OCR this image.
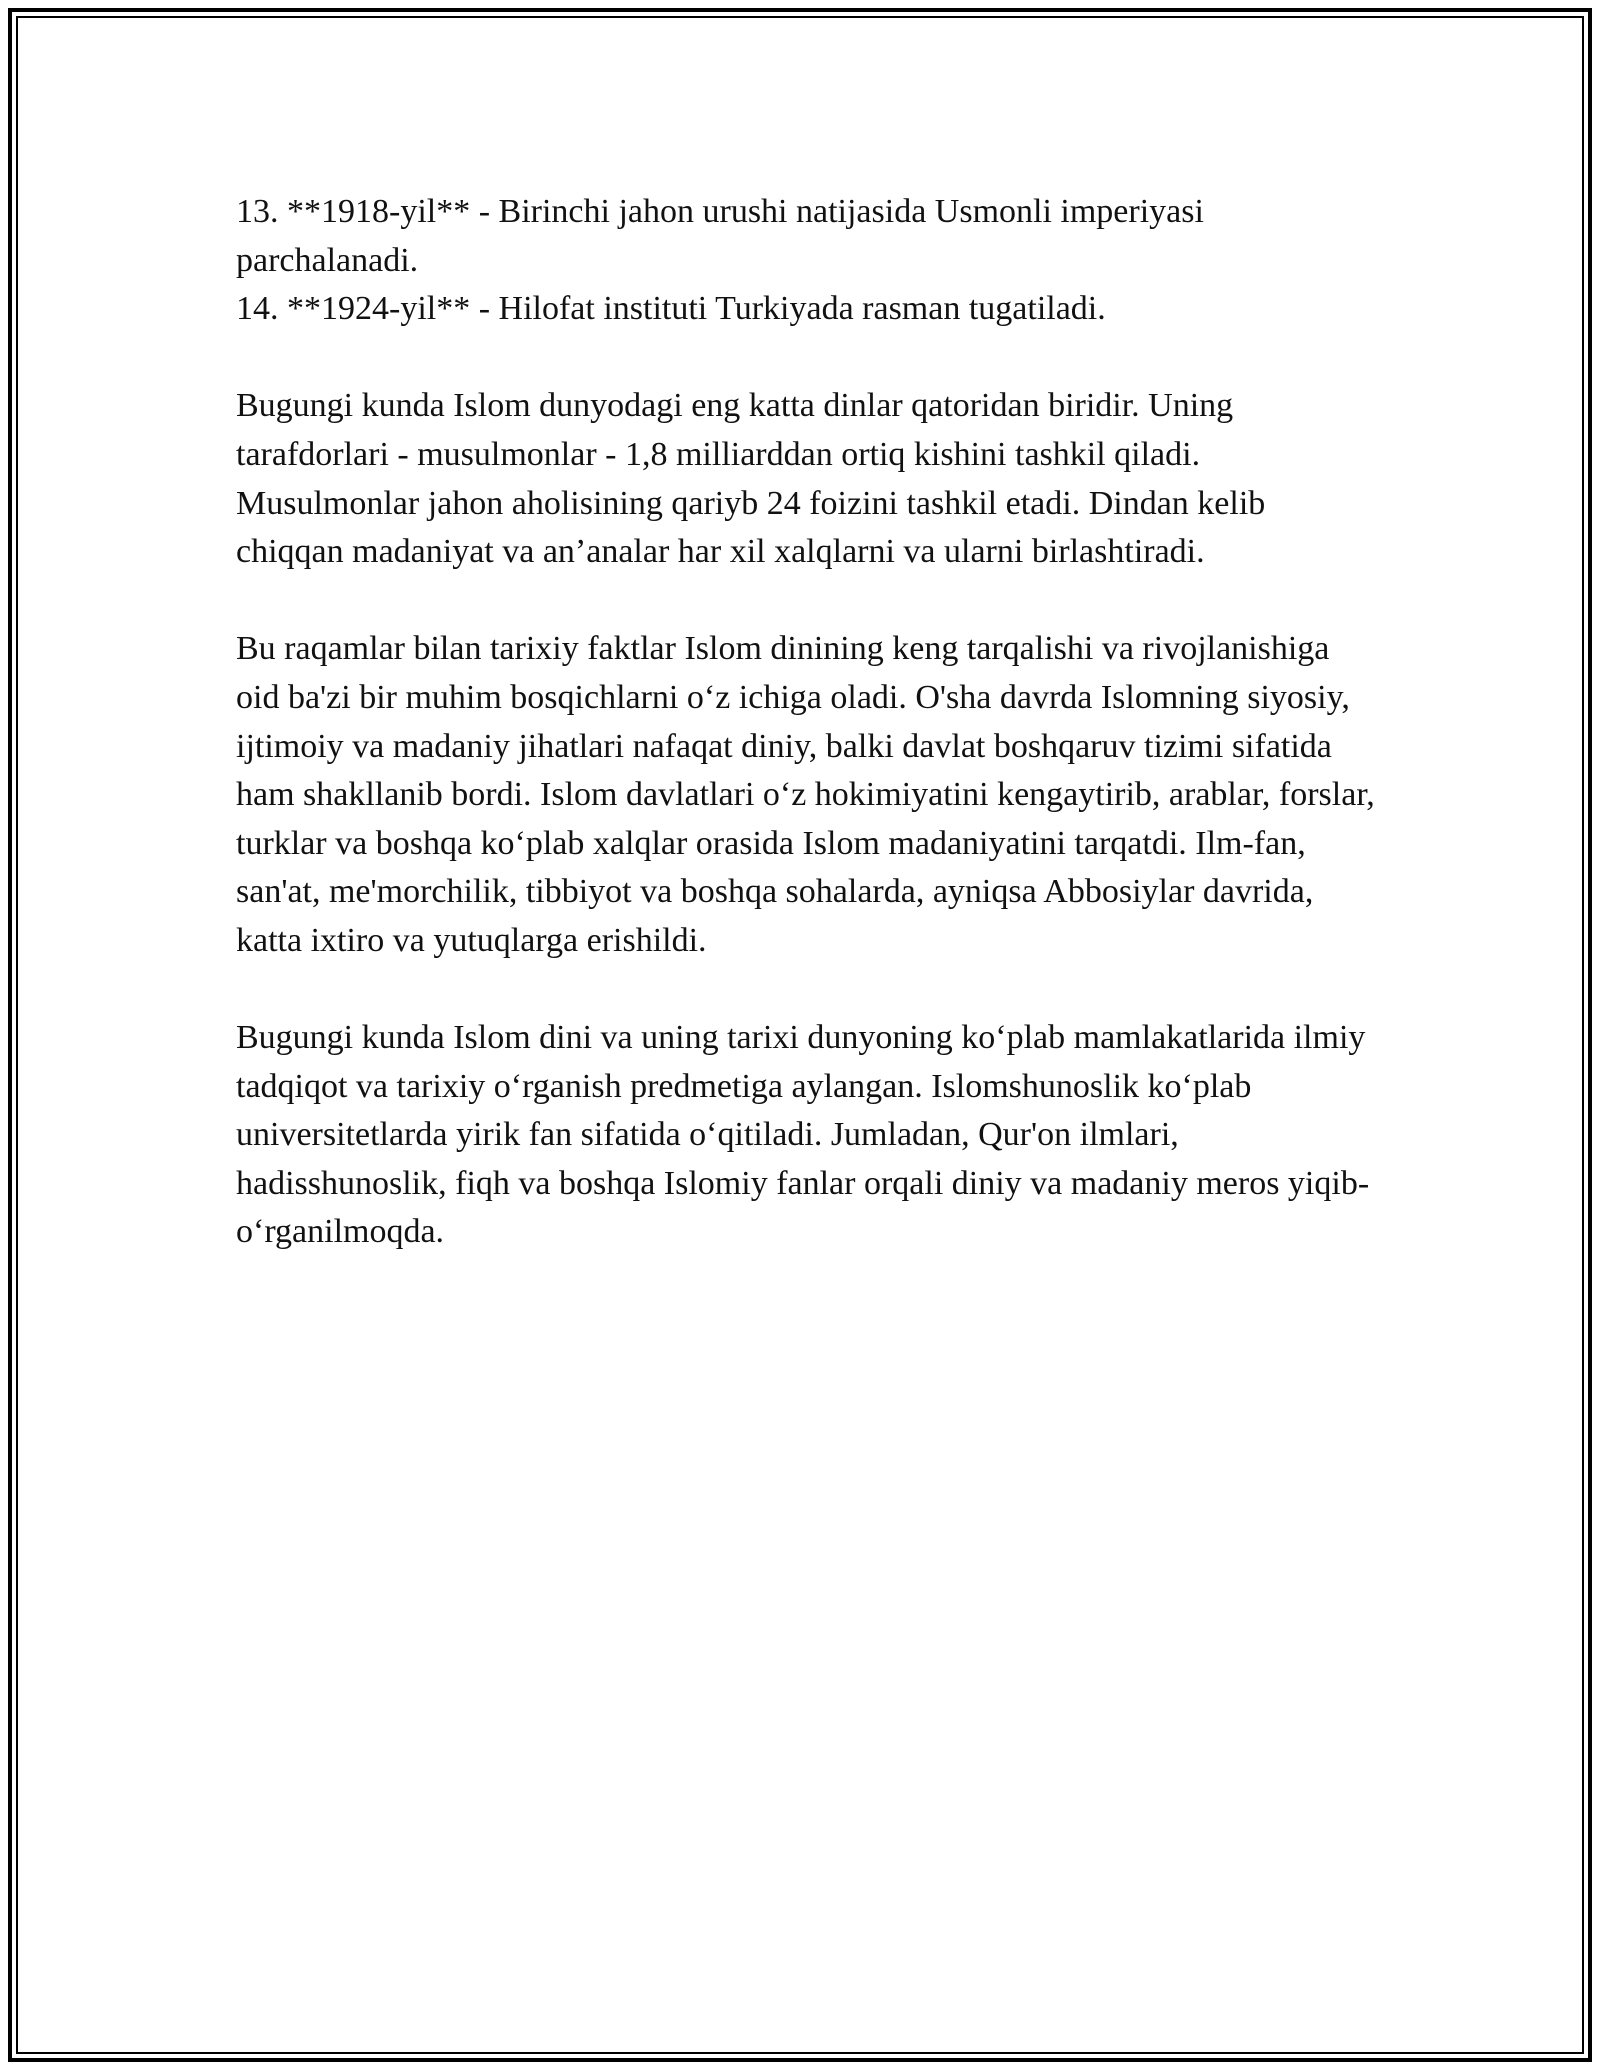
13. **1918-yil** - Birinchi jahon urushi natijasida Usmonli imperiyasi parchalanadi.
14. **1924-yil** - Hilofat instituti Turkiyada rasman tugatiladi.

Bugungi kunda Islom dunyodagi eng katta dinlar qatoridan biridir. Uning tarafdorlari - musulmonlar - 1,8 milliarddan ortiq kishini tashkil qiladi. Musulmonlar jahon aholisining qariyb 24 foizini tashkil etadi. Dindan kelib chiqqan madaniyat va an’analar har xil xalqlarni va ularni birlashtiradi.

Bu raqamlar bilan tarixiy faktlar Islom dinining keng tarqalishi va rivojlanishiga oid ba'zi bir muhim bosqichlarni o‘z ichiga oladi. O'sha davrda Islomning siyosiy, ijtimoiy va madaniy jihatlari nafaqat diniy, balki davlat boshqaruv tizimi sifatida ham shakllanib bordi. Islom davlatlari o‘z hokimiyatini kengaytirib, arablar, forslar, turklar va boshqa ko‘plab xalqlar orasida Islom madaniyatini tarqatdi. Ilm-fan, san'at, me'morchilik, tibbiyot va boshqa sohalarda, ayniqsa Abbosiylar davrida, katta ixtiro va yutuqlarga erishildi.

Bugungi kunda Islom dini va uning tarixi dunyoning ko‘plab mamlakatlarida ilmiy tadqiqot va tarixiy o‘rganish predmetiga aylangan. Islomshunoslik ko‘plab universitetlarda yirik fan sifatida o‘qitiladi. Jumladan, Qur'on ilmlari, hadisshunoslik, fiqh va boshqa Islomiy fanlar orqali diniy va madaniy meros yiqib-o‘rganilmoqda.
